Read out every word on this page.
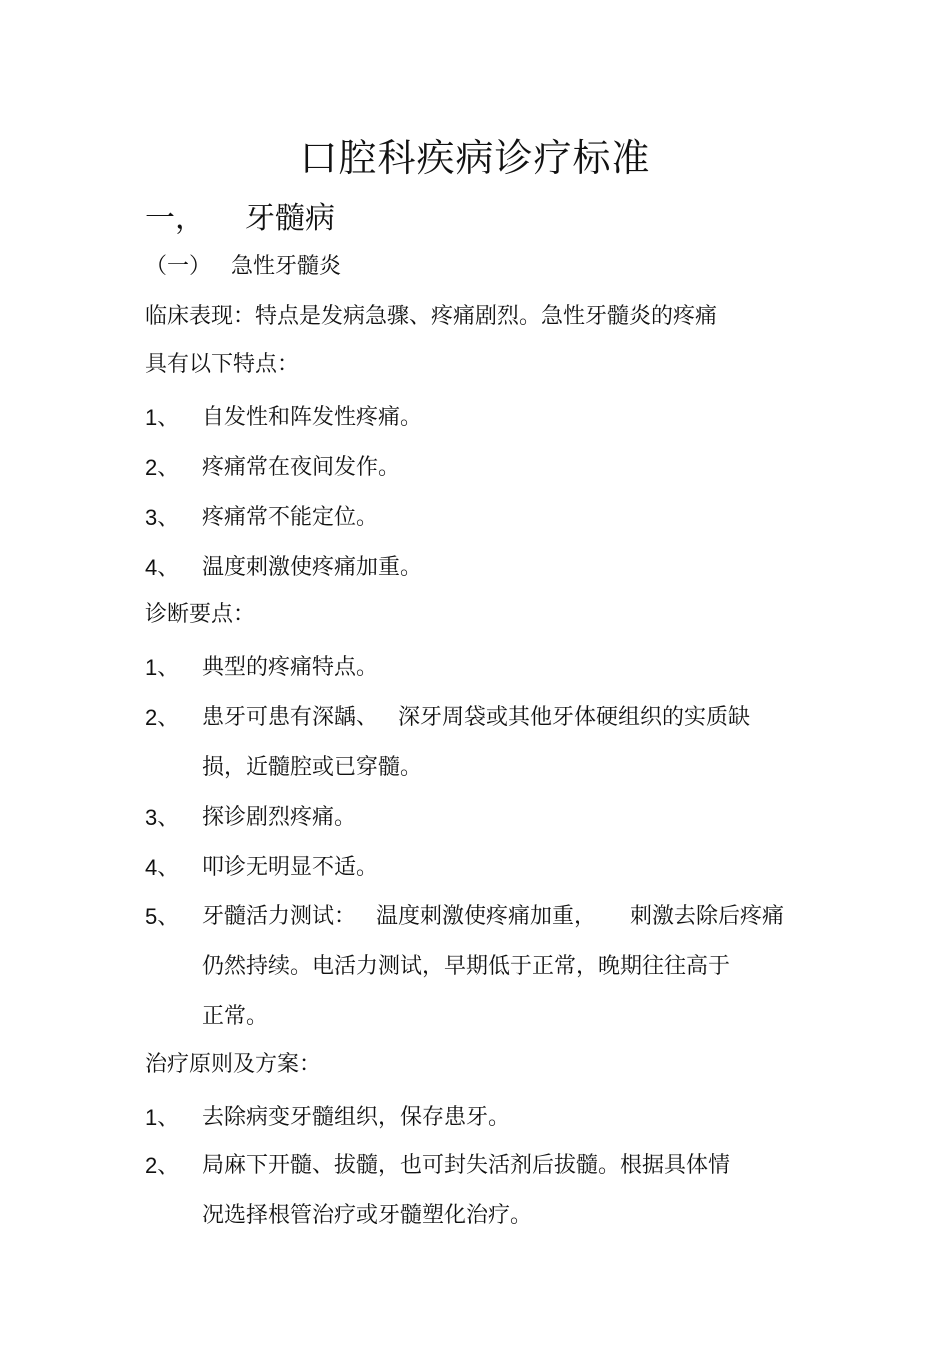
口腔科疾病诊疗标准
一， 牙髓病
（一） 急性牙髓炎
临床表现：特点是发病急骤、疼痛剧烈。急性牙髓炎的疼痛
具有以下特点：
1、 自发性和阵发性疼痛。
2、 疼痛常在夜间发作。
3、 疼痛常不能定位。
4、 温度刺激使疼痛加重。
诊断要点：
1、 典型的疼痛特点。
2、 患牙可患有深龋、 深牙周袋或其他牙体硬组织的实质缺
损，近髓腔或已穿髓。
3、 探诊剧烈疼痛。
4、 叩诊无明显不适。
5、 牙髓活力测试： 温度刺激使疼痛加重， 刺激去除后疼痛
仍然持续。电活力测试，早期低于正常，晚期往往高于
正常。
治疗原则及方案：
1、 去除病变牙髓组织，保存患牙。
2、 局麻下开髓、拔髓，也可封失活剂后拔髓。根据具体情
况选择根管治疗或牙髓塑化治疗。
